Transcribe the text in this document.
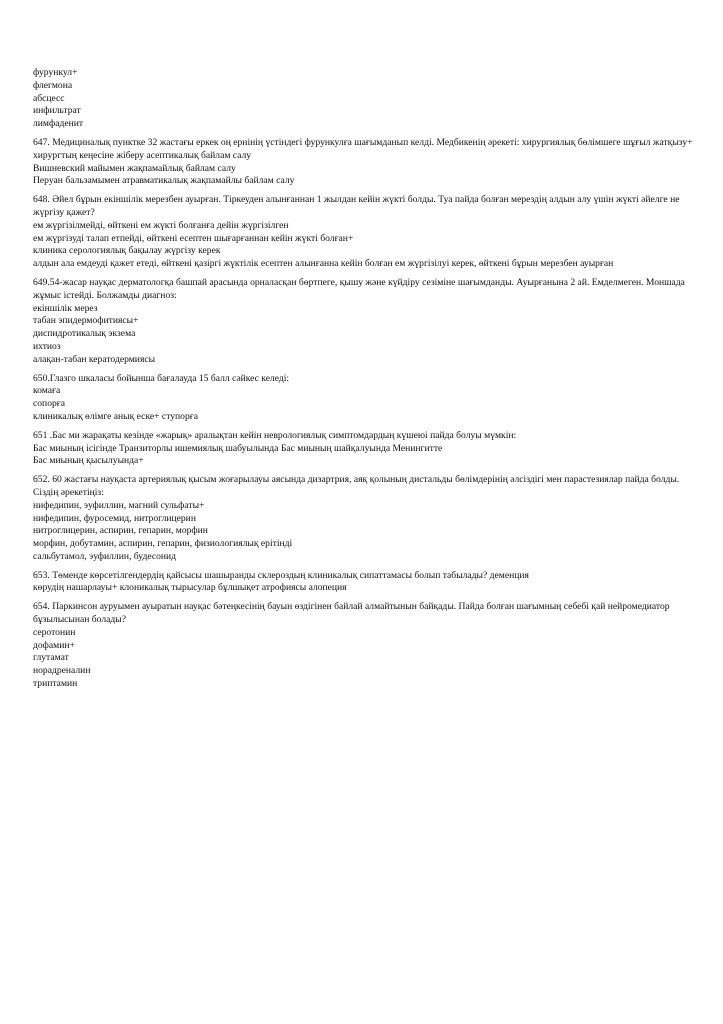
фурункул+
флегмона
абсцесс
инфильтрат
лимфаденит
647. Медициналық пунктке 32 жастағы еркек оң ернінің үстіндегі фурункулға шағымданып келді. Медбикенің әрекеті: хирургиялық бөлімшеге шұғыл жатқызу+
хирургтың кеңесіне жіберу асептикалық байлам салу
Вишневский майымен жақпамайлық байлам салу
Перуан бальзамымен атравматикалық жақпамайлы байлам салу
648. Әйел бұрын екіншілік мерезбен ауырған. Тіркеуден алынғаннан 1 жылдан кейін жүкті болды. Туа пайда болған мерездің алдын алу үшін жүкті әйелге не жүргізу қажет?
ем жүргізілмейді, өйткені ем жүкті болғанға дейін жүргізілген
ем жүргізуді талап етпейді, өйткені есептен шығарғаннан кейін жүкті болған+
клиника серологиялық бақылау жүргізу керек
алдын ала емдеуді қажет етеді, өйткені қазіргі жүктілік есептен алынғанна кейін болған ем жүргізілуі керек, өйткені бұрын мерезбен ауырған
649.54-жасар науқас дерматологқа башпай арасында орналасқан бөртпеге, қышу және күйдіру сезіміне шағымданды. Ауырғанына 2 ай. Емделмеген. Моншада жұмыс істейді. Болжамды диагноз:
екіншілік мерез
табан эпидермофитиясы+
диспидротикалық экзема
ихтиоз
алақан-табан кератодермиясы
650.Глазго шкаласы бойынша бағалауда 15 балл сәйкес келеді:
комаға
сопорға
клиникалық өлімге анық еске+ ступорға
651 .Бас ми жарақаты кезінде «жарық» аралықтан кейін неврологиялық симптомдардың күшеюі пайда болуы мүмкін:
Бас миының ісігінде Транзиторлы ишемиялық шабуылында Бас миының шайқалуында Менингитте
Бас миының қысылуында+
652. 60 жастағы науқаста артериялық қысым жоғарылауы аясында дизартрия, аяқ қолының дистальды бөлімдерінің әлсіздігі мен парастезиялар пайда болды. Сіздің әрекетіңіз:
нифедипин, эуфиллин, магний сульфаты+
нифедипин, фуросемид, нитроглицерин
нитроглицерин, аспирин, гепарин, морфин
морфин, добутамин, аспирин, гепарин, физиологиялық ерітінді
сальбутамол, эуфиллин, будесонид
653. Төменде көрсетілгендердің қайсысы шашыранды склероздың клиникалық сипаттамасы болып табылады? деменция
көрудің нашарлауы+ клоникалық тырысулар бұлшықет атрофиясы алопеция
654. Паркинсон ауруымен ауыратын науқас бәтеңкесінің бауын өздігінен байлай алмайтынын байқады. Пайда болған шағымның себебі қай нейромедиатор бұзылысынан болады?
серотонин
дофамин+
глутамат
норадреналин
триптамин
